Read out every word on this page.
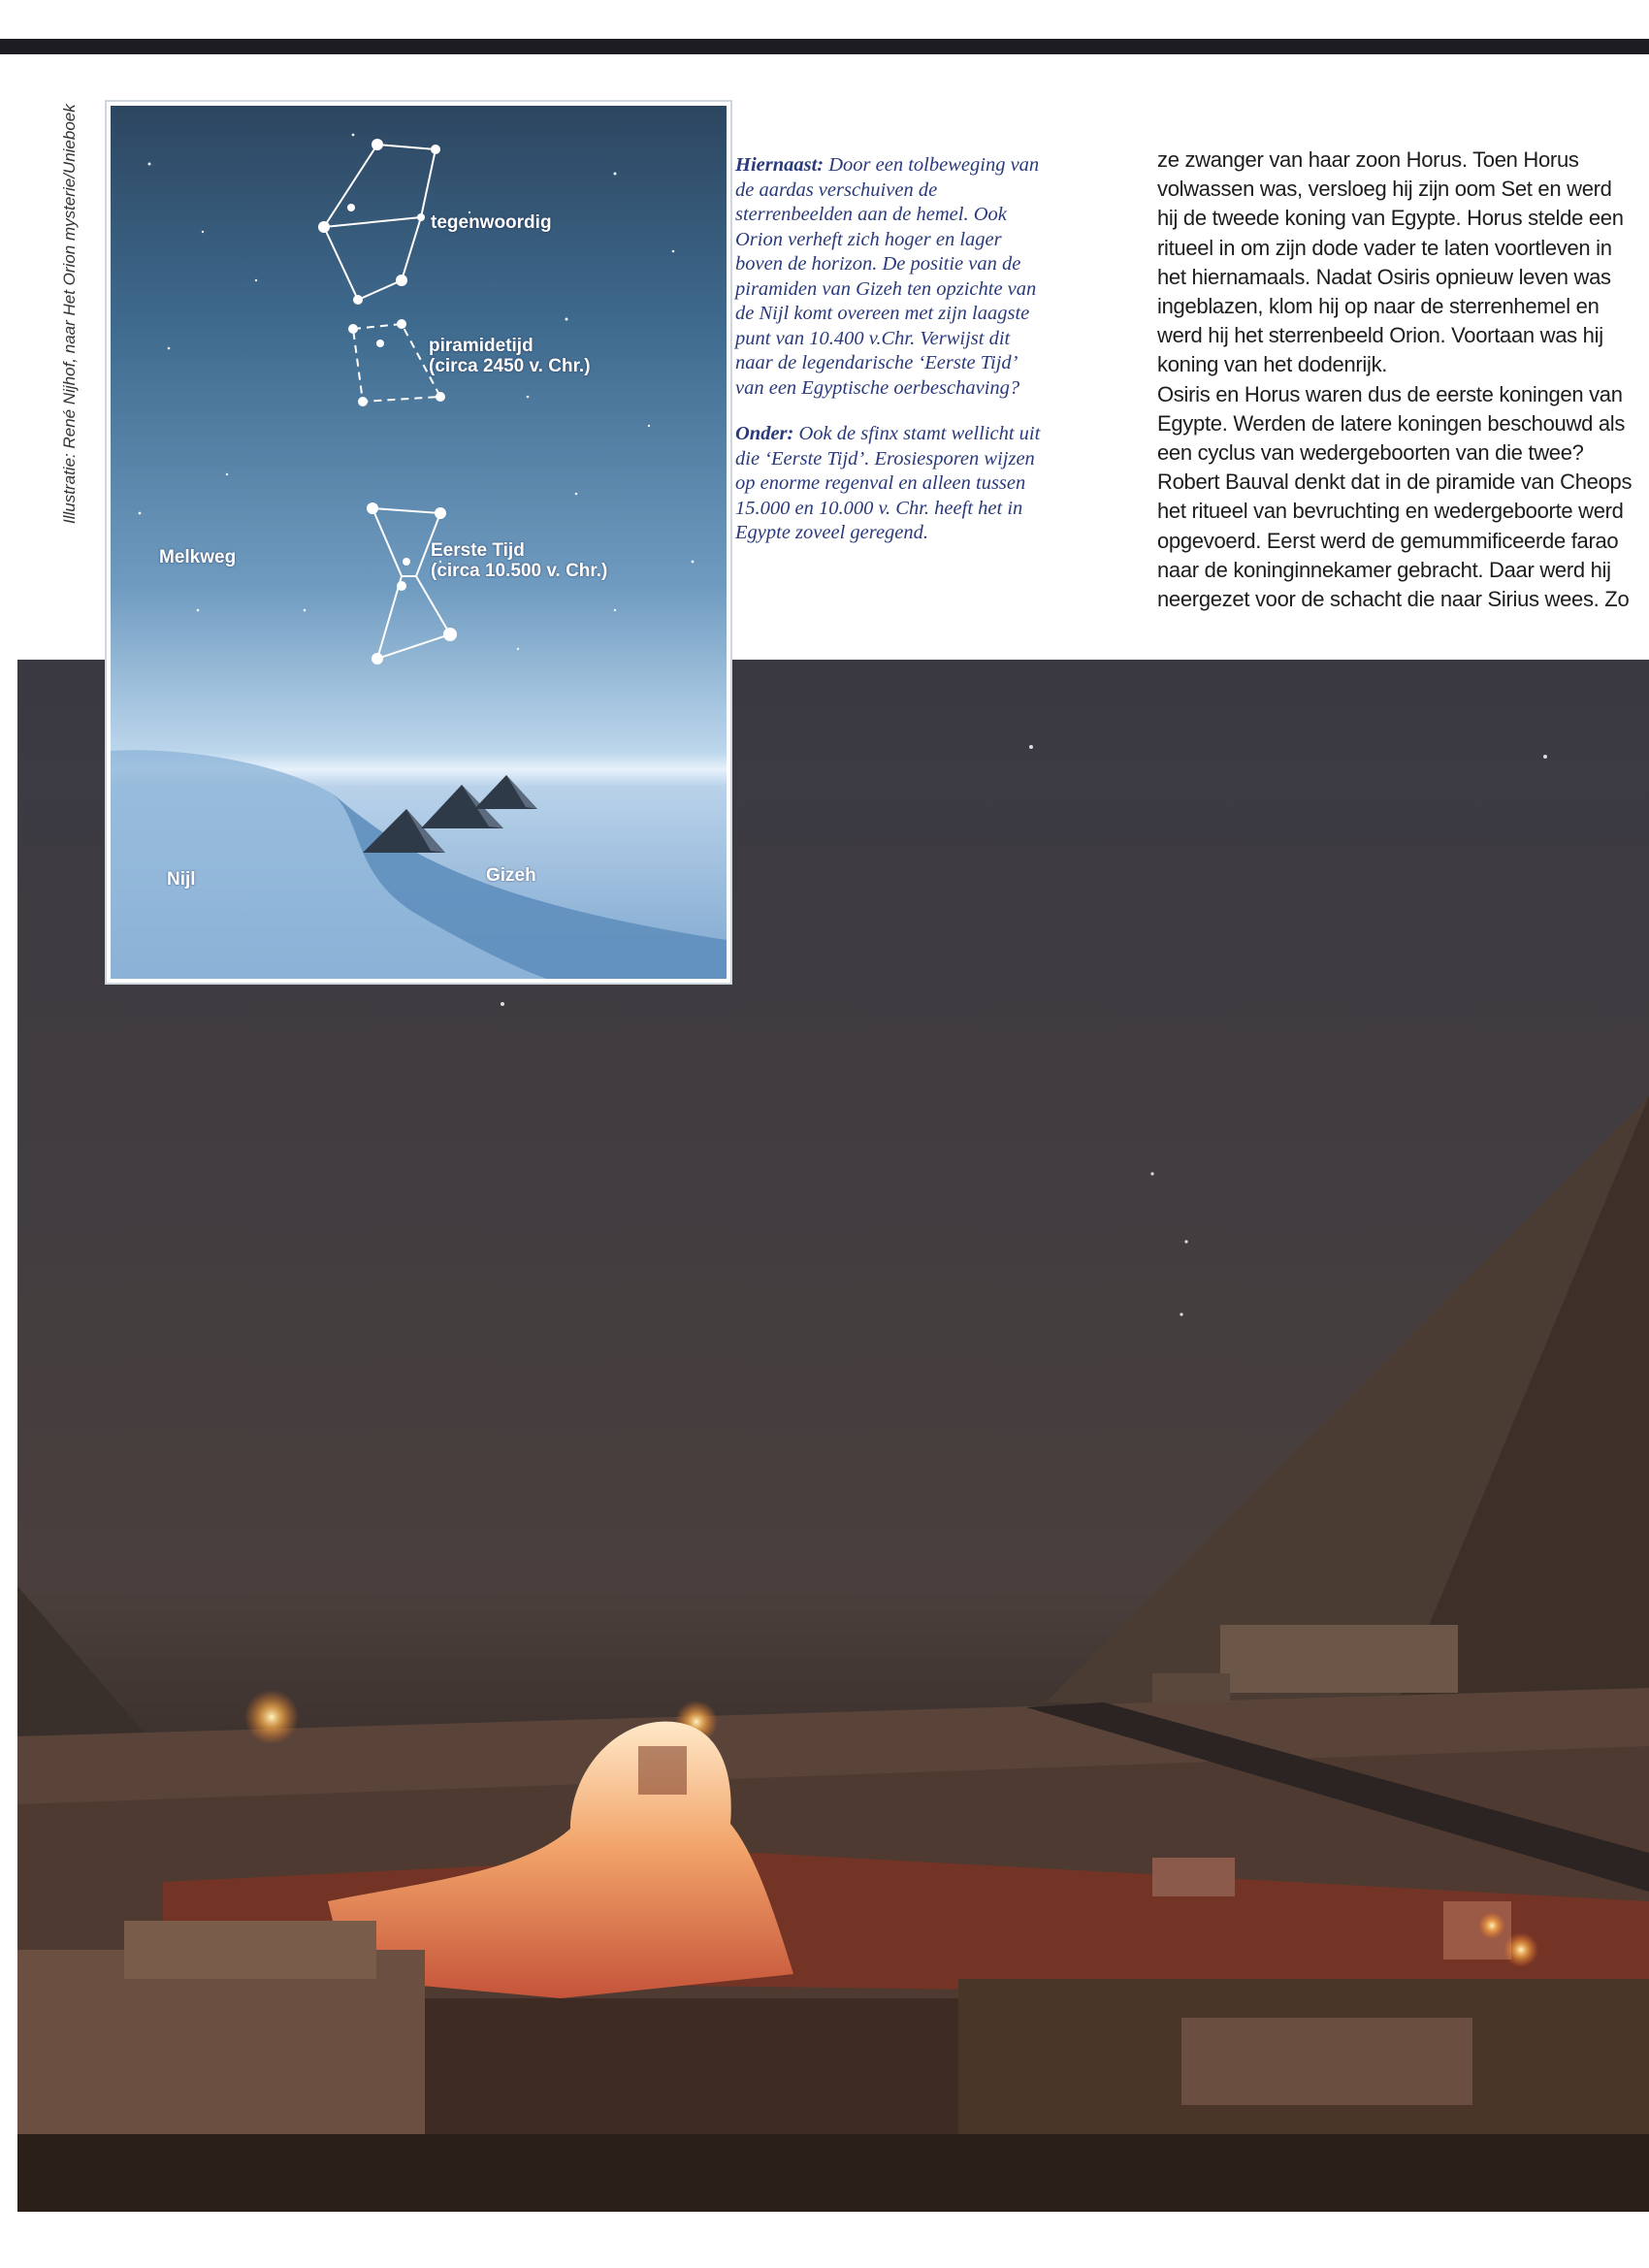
Illustratie: René Nijhof, naar Het Orion mysterie/Unieboek	tegenwoordig
piramidetijd
(circa 2450 v. Chr.)
Eerste Tijd
(circa 10.500 v. Chr.)
Melkweg
Nijl	Gizeh

Hiernaast: Door een tolbeweging van de aardas verschuiven de sterrenbeelden aan de hemel. Ook Orion verheft zich hoger en lager boven de horizon. De positie van de piramiden van Gizeh ten opzichte van de Nijl komt overeen met zijn laagste punt van 10.400 v.Chr. Verwijst dit naar de legendarische ‘Eerste Tijd’ van een Egyptische oerbeschaving?

Onder: Ook de sfinx stamt wellicht uit die ‘Eerste Tijd’. Erosiesporen wijzen op enorme regenval en alleen tussen 15.000 en 10.000 v. Chr. heeft het in Egypte zoveel geregend.

ze zwanger van haar zoon Horus. Toen Horus volwassen was, versloeg hij zijn oom Set en werd hij de tweede koning van Egypte. Horus stelde een ritueel in om zijn dode vader te laten voortleven in het hiernamaals. Nadat Osiris opnieuw leven was ingeblazen, klom hij op naar de sterrenhemel en werd hij het sterrenbeeld Orion. Voortaan was hij koning van het dodenrijk.

Osiris en Horus waren dus de eerste koningen van Egypte. Werden de latere koningen beschouwd als een cyclus van wedergeboorten van die twee? Robert Bauval denkt dat in de piramide van Cheops het ritueel van bevruchting en wedergeboorte werd opgevoerd. Eerst werd de gemummificeerde farao naar de koninginnekamer gebracht. Daar werd hij neergezet voor de schacht die naar Sirius wees. Zo
